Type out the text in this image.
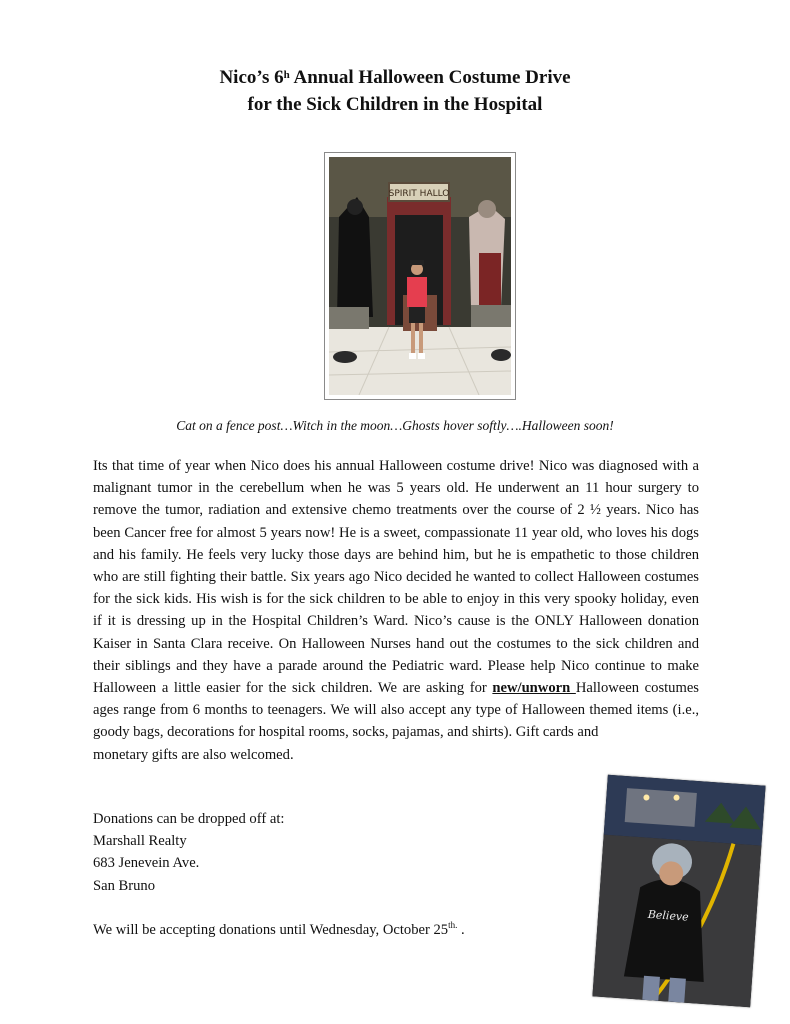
Nico’s 6$^h$ Annual Halloween Costume Drive
for the Sick Children in the Hospital
SPIRIT HALLO
Cat on a fence post…Witch in the moon…Ghosts hover softly….Halloween soon!
Its that time of year when Nico does his annual Halloween costume drive! Nico was diagnosed with a malignant tumor in the cerebellum when he was 5 years old. He underwent an 11 hour surgery to remove the tumor, radiation and extensive chemo treatments over the course of 2 ½ years. Nico has been Cancer free for almost 5 years now! He is a sweet, compassionate 11 year old, who loves his dogs and his family. He feels very lucky those days are behind him, but he is empathetic to those children who are still fighting their battle. Six years ago Nico decided he wanted to collect Halloween costumes for the sick kids. His wish is for the sick children to be able to enjoy in this very spooky holiday, even if it is dressing up in the Hospital Children’s Ward. Nico’s cause is the ONLY Halloween donation Kaiser in Santa Clara receive. On Halloween Nurses hand out the costumes to the sick children and their siblings and they have a parade around the Pediatric ward. Please help Nico continue to make Halloween a little easier for the sick children. We are asking for new/unworn Halloween costumes ages range from 6 months to teenagers. We will also accept any type of Halloween themed items (i.e., goody bags, decorations for hospital rooms, socks, pajamas, and shirts). Gift cards and
monetary gifts are also welcomed.
Donations can be dropped off at:
Marshall Realty
683 Jenevein Ave.
San Bruno
We will be accepting donations until Wednesday, October $25^{th.}$ .
Believe
